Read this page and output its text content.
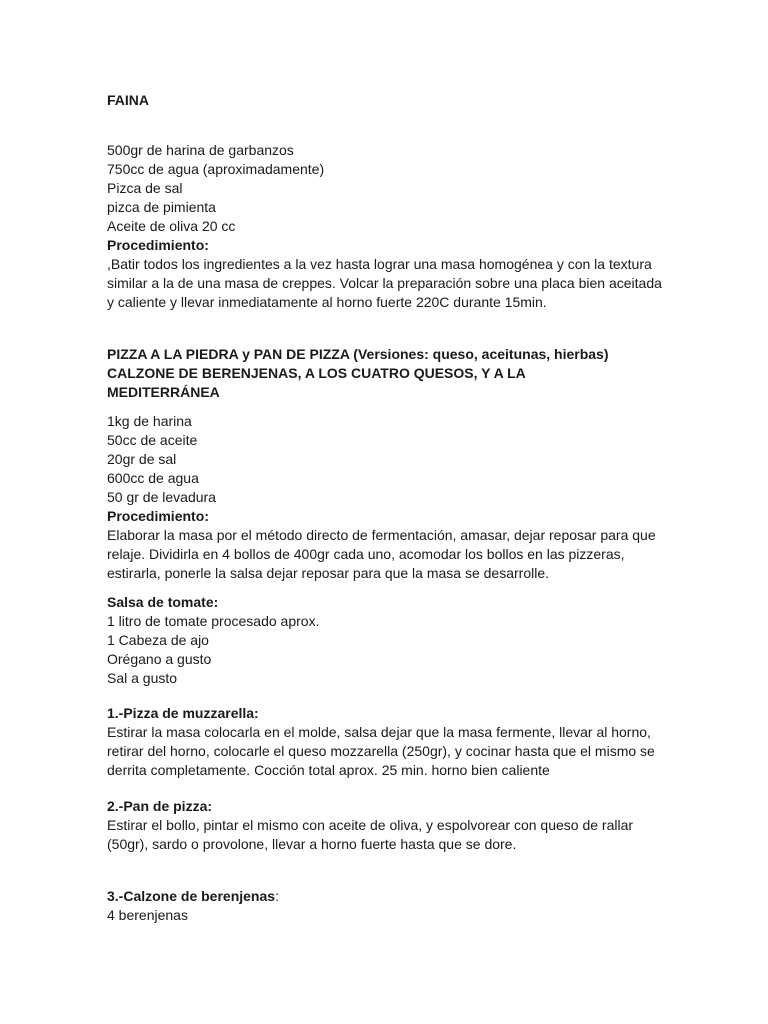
FAINA
500gr de harina de garbanzos
750cc de agua (aproximadamente)
Pizca de sal
pizca de pimienta
Aceite de oliva 20 cc
Procedimiento:
,Batir todos los ingredientes a la vez hasta lograr una masa homogénea y con la textura
similar a la de una masa de creppes. Volcar la preparación sobre una placa bien aceitada
y caliente y llevar inmediatamente al horno fuerte 220C durante 15min.
PIZZA A LA PIEDRA y PAN DE PIZZA (Versiones: queso, aceitunas, hierbas)
CALZONE DE BERENJENAS, A LOS CUATRO QUESOS, Y A LA
MEDITERRÁNEA
1kg de harina
50cc de aceite
20gr de sal
600cc de agua
50 gr de levadura
Procedimiento:
Elaborar la masa por el método directo de fermentación, amasar, dejar reposar para que
relaje. Dividirla en 4 bollos de 400gr cada uno, acomodar los bollos en las pizzeras,
estirarla, ponerle la salsa dejar reposar para que la masa se desarrolle.
Salsa de tomate:
1 litro de tomate procesado aprox.
1 Cabeza de ajo
Orégano a gusto
Sal a gusto
1.-Pizza de muzzarella:
Estirar la masa colocarla en el molde, salsa dejar que la masa fermente, llevar al horno,
retirar del horno, colocarle el queso mozzarella (250gr), y cocinar hasta que el mismo se
derrita completamente. Cocción total aprox. 25 min. horno bien caliente
2.-Pan de pizza:
Estirar el bollo, pintar el mismo con aceite de oliva, y espolvorear con queso de rallar
(50gr), sardo o provolone, llevar a horno fuerte hasta que se dore.
3.-Calzone de berenjenas:
4 berenjenas
